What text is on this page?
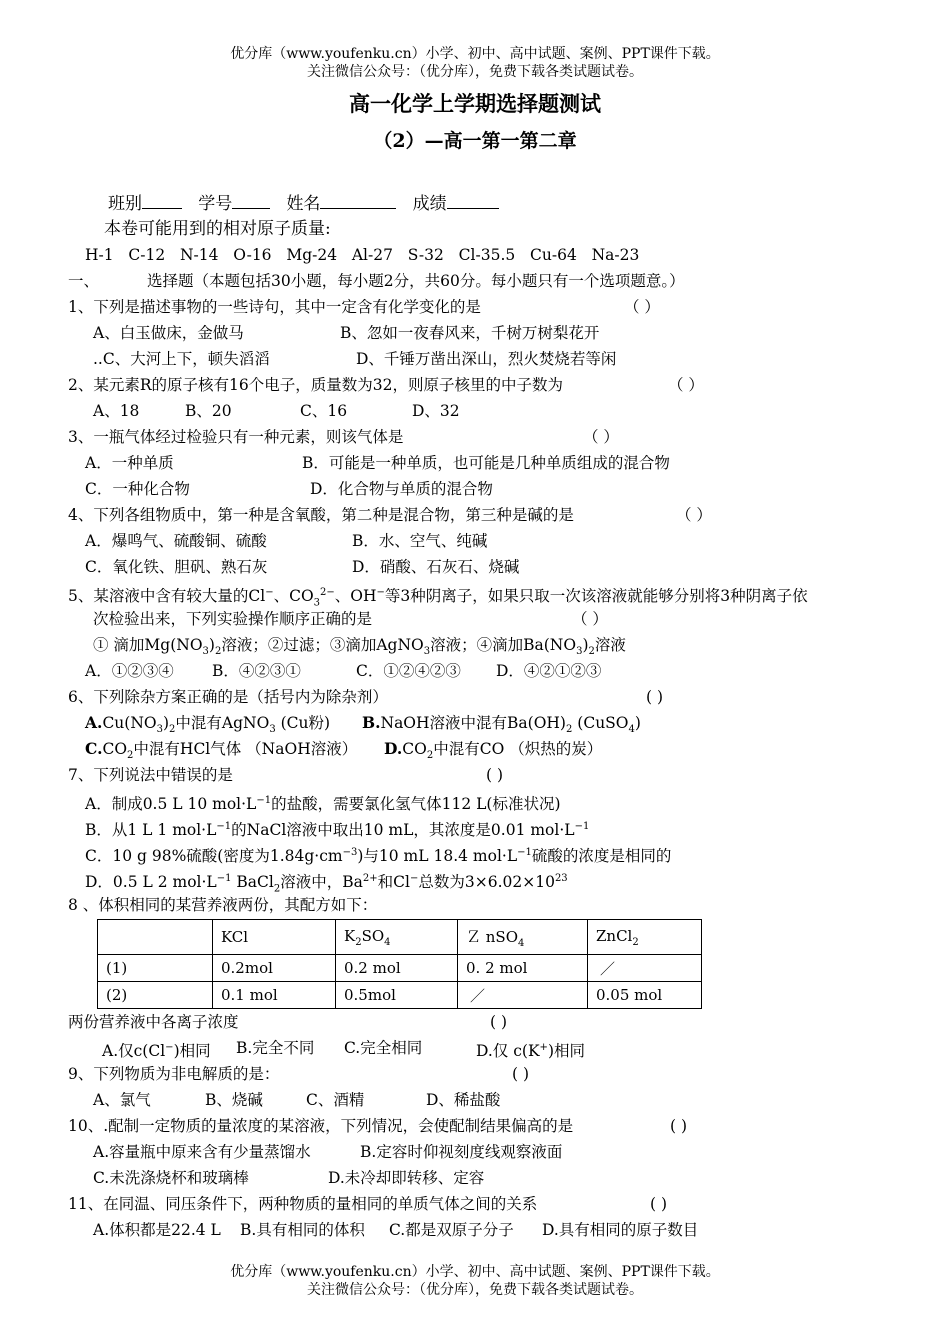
优分库（www.youfenku.cn）小学、初中、高中试题、案例、PPT课件下载。
关注微信公众号：（优分库），免费下载各类试题试卷。
高一化学上学期选择题测试
（2）—高一第一第二章
班别	学号	姓名	成绩
本卷可能用到的相对原子质量:
H-1   C-12   N-14   O-16   Mg-24   Al-27   S-32   Cl-35.5   Cu-64   Na-23
一、	选择题（本题包括30小题，每小题2分，共60分。每小题只有一个选项题意。）
1、下列是描述事物的一些诗句，其中一定含有化学变化的是	（ ）
A、白玉做床，金做马	B、忽如一夜春风来，千树万树梨花开
..C、大河上下，顿失滔滔	D、千锤万凿出深山，烈火焚烧若等闲
2、某元素R的原子核有16个电子，质量数为32，则原子核里的中子数为	（ ）
A、18	B、20	C、16	D、32
3、一瓶气体经过检验只有一种元素，则该气体是	（ ）
A．一种单质	B．可能是一种单质，也可能是几种单质组成的混合物
C．一种化合物	D．化合物与单质的混合物
4、下列各组物质中，第一种是含氧酸，第二种是混合物，第三种是碱的是	（ ）
A．爆鸣气、硫酸铜、硫酸	B．水、空气、纯碱
C．氧化铁、胆矾、熟石灰	D．硝酸、石灰石、烧碱
5、某溶液中含有较大量的Cl−、$CO_3^{2-}$、OH−等3种阴离子，如果只取一次该溶液就能够分别将3种阴离子依
次检验出来，下列实验操作顺序正确的是	（ ）
① 滴加$Mg(NO_3)_2$溶液；②过滤；③滴加AgNO$_3$溶液；④滴加$Ba(NO_3)_2$溶液
A．①②③④ B．④②③①	C．①②④②③ D．④②①②③
6、下列除杂方案正确的是（括号内为除杂剂）	( )
$A.Cu(NO_3)_2$中混有AgNO$_3$ (Cu粉) B.NaOH溶液中混有$Ba(OH)_2$ (CuSO$_4$)
$C.CO_2$中混有HCl气体 （NaOH溶液） $D.CO_2$中混有CO （炽热的炭）
7、下列说法中错误的是	( )
A．制成0.5 L 10 $mol\cdot L^{-1}$的盐酸，需要氯化氢气体112 L(标准状况)
B．从1 L 1 $mol\cdot L^{-1}$的NaCl溶液中取出10 mL，其浓度是0.01 $mol\cdot L^{-1}$
C．10 g 98%硫酸(密度为$1.84g\cdot cm^{-3}$)与10 mL 18.4 $mol\cdot L^{-1}$硫酸的浓度是相同的
D．0.5 L 2 $mol\cdot L^{-1}$ BaCl$_2$溶液中，$Ba^{2+}$和Cl−总数为$3\times 6.02\times 10^{23}$
8 、体积相同的某营养液两份，其配方如下：
	KCl	$K_2SO_4$	Ｚ nSO$_4$	ZnCl$_2$
(1)	0.2mol	0.2 mol	0. 2 mol	／
(2)	0.1 mol	0.5mol	／	0.05 mol
两份营养液中各离子浓度	( )
A.仅c(Cl−)相同 B.完全不同 C.完全相同	D.仅 c(K+)相同
9、下列物质为非电解质的是：	( )
A、氯气	B、烧碱	C、酒精	D、稀盐酸
10、.配制一定物质的量浓度的某溶液，下列情况，会使配制结果偏高的是	( )
A.容量瓶中原来含有少量蒸馏水	B.定容时仰视刻度线观察液面
C.未洗涤烧杯和玻璃棒	D.未冷却即转移、定容
11、在同温、同压条件下，两种物质的量相同的单质气体之间的关系	( )
A.体积都是22.4 L B.具有相同的体积 C.都是双原子分子 D.具有相同的原子数目
优分库（www.youfenku.cn）小学、初中、高中试题、案例、PPT课件下载。
关注微信公众号：（优分库），免费下载各类试题试卷。
